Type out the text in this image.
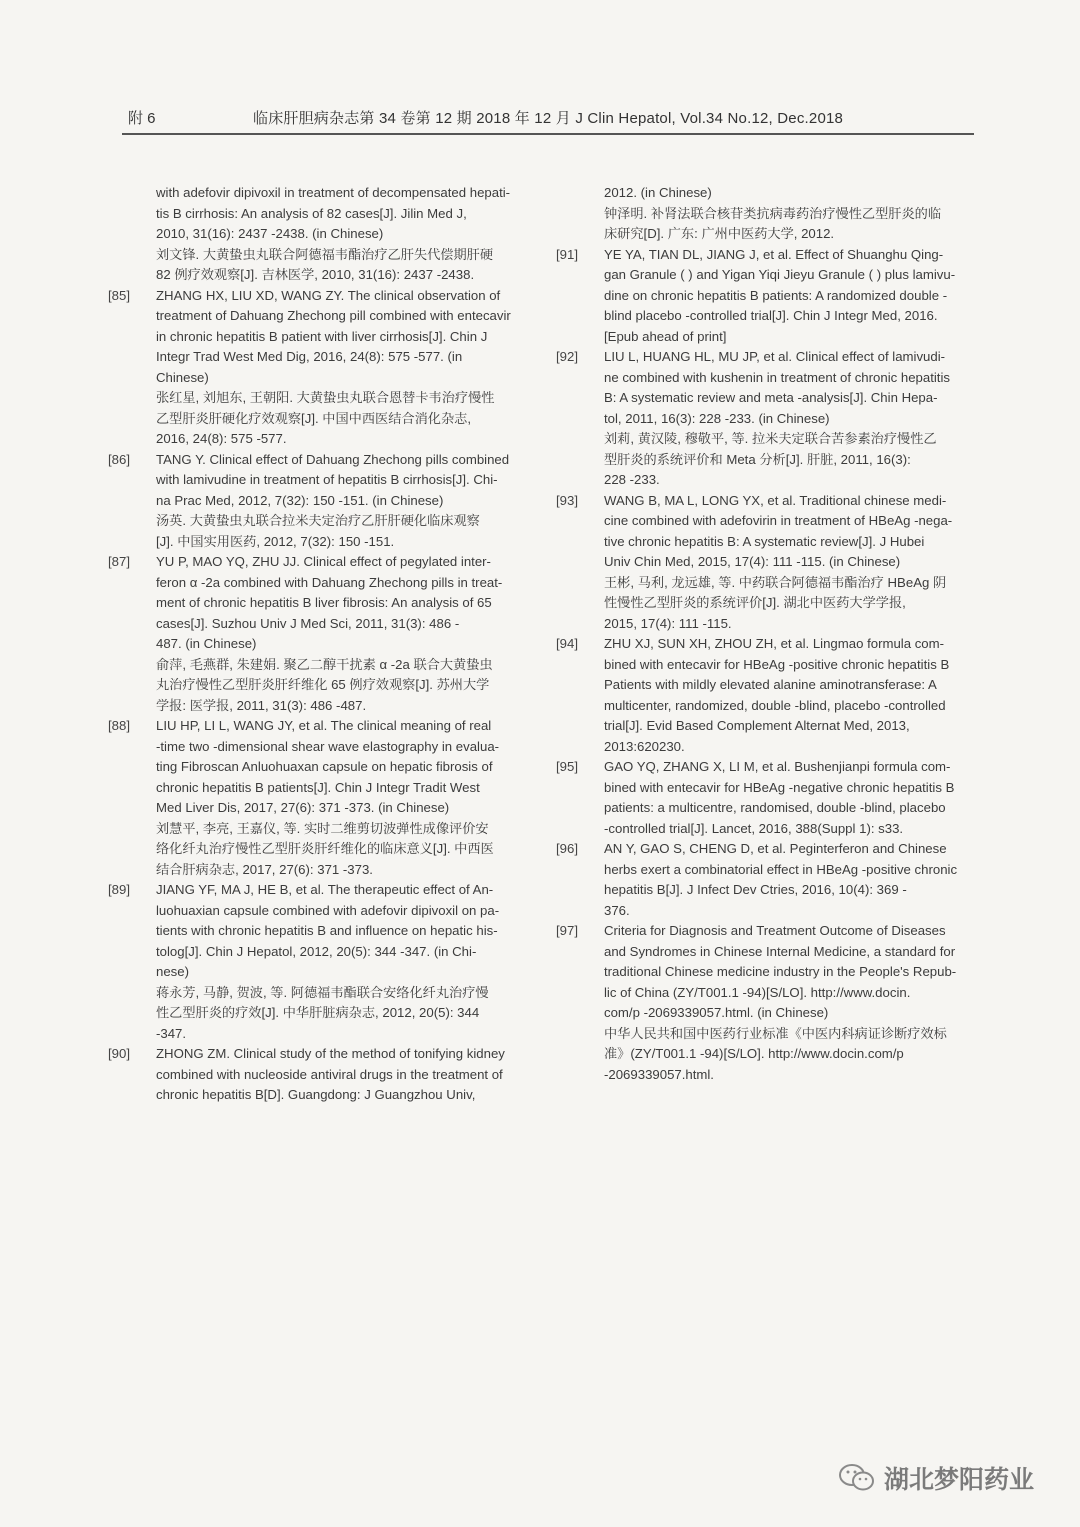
附 6	临床肝胆病杂志第 34 卷第 12 期 2018 年 12 月 J Clin Hepatol, Vol.34 No.12, Dec.2018
with adefovir dipivoxil in treatment of decompensated hepati-
tis B cirrhosis: An analysis of 82 cases[J]. Jilin Med J,
2010, 31(16): 2437 -2438. (in Chinese)
刘文锋. 大黄蛰虫丸联合阿德福韦酯治疗乙肝失代偿期肝硬
82 例疗效观察[J]. 吉林医学, 2010, 31(16): 2437 -2438.
[85] ZHANG HX, LIU XD, WANG ZY. The clinical observation of
treatment of Dahuang Zhechong pill combined with entecavir
in chronic hepatitis B patient with liver cirrhosis[J]. Chin J
Integr Trad West Med Dig, 2016, 24(8): 575 -577. (in
Chinese)
张红星, 刘旭东, 王朝阳. 大黄蛰虫丸联合恩替卡韦治疗慢性
乙型肝炎肝硬化疗效观察[J]. 中国中西医结合消化杂志,
2016, 24(8): 575 -577.
[86] TANG Y. Clinical effect of Dahuang Zhechong pills combined
with lamivudine in treatment of hepatitis B cirrhosis[J]. Chi-
na Prac Med, 2012, 7(32): 150 -151. (in Chinese)
汤英. 大黄蛰虫丸联合拉米夫定治疗乙肝肝硬化临床观察
[J]. 中国实用医药, 2012, 7(32): 150 -151.
[87] YU P, MAO YQ, ZHU JJ. Clinical effect of pegylated inter-
feron α -2a combined with Dahuang Zhechong pills in treat-
ment of chronic hepatitis B liver fibrosis: An analysis of 65
cases[J]. Suzhou Univ J Med Sci, 2011, 31(3): 486 -
487. (in Chinese)
俞萍, 毛燕群, 朱建娟. 聚乙二醇干扰素 α -2a 联合大黄蛰虫
丸治疗慢性乙型肝炎肝纤维化 65 例疗效观察[J]. 苏州大学
学报: 医学报, 2011, 31(3): 486 -487.
[88] LIU HP, LI L, WANG JY, et al. The clinical meaning of real
-time two -dimensional shear wave elastography in evalua-
ting Fibroscan Anluohuaxan capsule on hepatic fibrosis of
chronic hepatitis B patients[J]. Chin J Integr Tradit West
Med Liver Dis, 2017, 27(6): 371 -373. (in Chinese)
刘慧平, 李亮, 王嘉仪, 等. 实时二维剪切波弹性成像评价安
络化纤丸治疗慢性乙型肝炎肝纤维化的临床意义[J]. 中西医
结合肝病杂志, 2017, 27(6): 371 -373.
[89] JIANG YF, MA J, HE B, et al. The therapeutic effect of An-
luohuaxian capsule combined with adefovir dipivoxil on pa-
tients with chronic hepatitis B and influence on hepatic his-
tolog[J]. Chin J Hepatol, 2012, 20(5): 344 -347. (in Chi-
nese)
蒋永芳, 马静, 贺波, 等. 阿德福韦酯联合安络化纤丸治疗慢
性乙型肝炎的疗效[J]. 中华肝脏病杂志, 2012, 20(5): 344
-347.
[90] ZHONG ZM. Clinical study of the method of tonifying kidney
combined with nucleoside antiviral drugs in the treatment of
chronic hepatitis B[D]. Guangdong: J Guangzhou Univ,
2012. (in Chinese)
钟泽明. 补肾法联合核苷类抗病毒药治疗慢性乙型肝炎的临
床研究[D]. 广东: 广州中医药大学, 2012.
[91] YE YA, TIAN DL, JIANG J, et al. Effect of Shuanghu Qing-
gan Granule ( ) and Yigan Yiqi Jieyu Granule ( ) plus lamivu-
dine on chronic hepatitis B patients: A randomized double -
blind placebo -controlled trial[J]. Chin J Integr Med, 2016.
[Epub ahead of print]
[92] LIU L, HUANG HL, MU JP, et al. Clinical effect of lamivudi-
ne combined with kushenin in treatment of chronic hepatitis
B: A systematic review and meta -analysis[J]. Chin Hepa-
tol, 2011, 16(3): 228 -233. (in Chinese)
刘莉, 黄汉陵, 穆敬平, 等. 拉米夫定联合苦参素治疗慢性乙
型肝炎的系统评价和 Meta 分析[J]. 肝脏, 2011, 16(3):
228 -233.
[93] WANG B, MA L, LONG YX, et al. Traditional chinese medi-
cine combined with adefovirin in treatment of HBeAg -nega-
tive chronic hepatitis B: A systematic review[J]. J Hubei
Univ Chin Med, 2015, 17(4): 111 -115. (in Chinese)
王彬, 马利, 龙远雄, 等. 中药联合阿德福韦酯治疗 HBeAg 阴
性慢性乙型肝炎的系统评价[J]. 湖北中医药大学学报,
2015, 17(4): 111 -115.
[94] ZHU XJ, SUN XH, ZHOU ZH, et al. Lingmao formula com-
bined with entecavir for HBeAg -positive chronic hepatitis B
Patients with mildly elevated alanine aminotransferase: A
multicenter, randomized, double -blind, placebo -controlled
trial[J]. Evid Based Complement Alternat Med, 2013,
2013:620230.
[95] GAO YQ, ZHANG X, LI M, et al. Bushenjianpi formula com-
bined with entecavir for HBeAg -negative chronic hepatitis B
patients: a multicentre, randomised, double -blind, placebo
-controlled trial[J]. Lancet, 2016, 388(Suppl 1): s33.
[96] AN Y, GAO S, CHENG D, et al. Peginterferon and Chinese
herbs exert a combinatorial effect in HBeAg -positive chronic
hepatitis B[J]. J Infect Dev Ctries, 2016, 10(4): 369 -
376.
[97] Criteria for Diagnosis and Treatment Outcome of Diseases
and Syndromes in Chinese Internal Medicine, a standard for
traditional Chinese medicine industry in the People's Repub-
lic of China (ZY/T001.1 -94)[S/LO]. http://www.docin.
com/p -2069339057.html. (in Chinese)
中华人民共和国中医药行业标准《中医内科病证诊断疗效标
准》(ZY/T001.1 -94)[S/LO]. http://www.docin.com/p
-2069339057.html.
湖北梦阳药业
